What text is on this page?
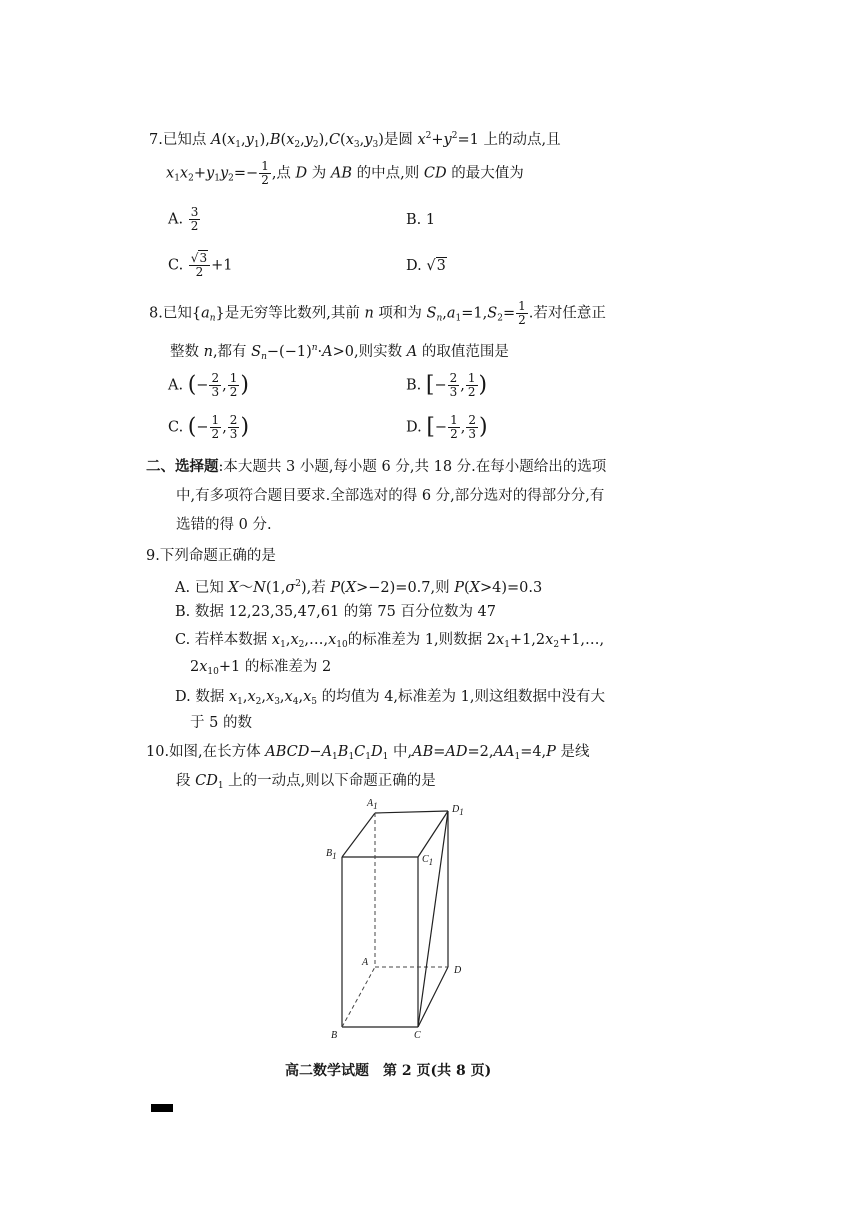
7.已知点 $A(x_1,y_1),B(x_2,y_2),C(x_3,y_3)$是圆 $x^2+y^2=1$ 上的动点,且
$x_1x_2+y_1y_2=- \frac{1}{2}$ ,点 D 为 AB 的中点,则 CD 的最大值为
A. $\frac{3}{2}$	B. 1
C. $\frac{√3}{2} +1$	D. √3
8.已知$\{a_n\}$是无穷等比数列,其前 n 项和为 $S_n,a_1=1,S_2= \frac{1}{2}$ .若对任意正
整数 n,都有 $S_n-(-1)^n\cdot A>0$,则实数 A 的取值范围是
A. (− $\frac{2}{3}$ , $\frac{1}{2}$ )	B. [− $\frac{2}{3}$ , $\frac{1}{2}$ )
C. (− $\frac{1}{2}$ , $\frac{2}{3}$ )	D. [− $\frac{1}{2}$ , $\frac{2}{3}$ )
二、选择题:本大题共 3 小题,每小题 6 分,共 18 分.在每小题给出的选项
中,有多项符合题目要求.全部选对的得 6 分,部分选对的得部分分,有
选错的得 0 分.
9.下列命题正确的是
A. 已知 $X\sim N(1,\sigma^2)$,若 P(X>−2)=0.7,则 P(X>4)=0.3
B. 数据 12,23,35,47,61 的第 75 百分位数为 47
C. 若样本数据 $x_1,x_2,\dots,x_{10}$的标准差为 1,则数据 $2x_1+1,2x_2+1,\dots$,
$2x_{10}+1$ 的标准差为 2
D. 数据 $x_1,x_2,x_3,x_4,x_5$ 的均值为 4,标准差为 1,则这组数据中没有大
于 5 的数
10.如图,在长方体 $ABCD-A_1B_1C_1D_1$ 中$,AB=AD=2,AA_1=4,P$ 是线
段 $CD_1$ 上的一动点,则以下命题正确的是
$A_1$	$D_1$
$B_1$	$C_1$
A
D
B	C
高二数学试题　第 2 页(共 8 页)
